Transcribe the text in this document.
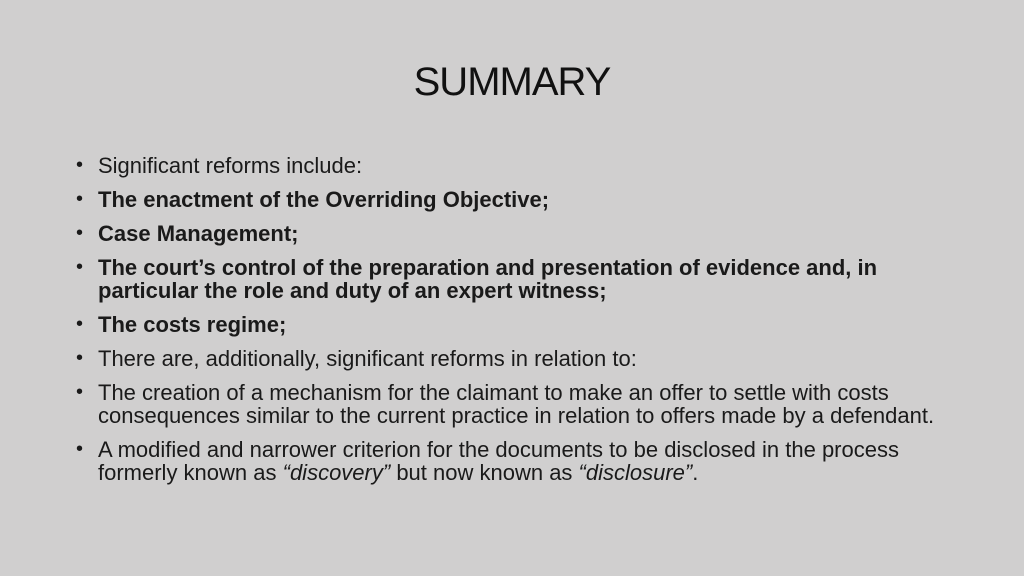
SUMMARY
• Significant reforms include:
• The enactment of the Overriding Objective;
• Case Management;
• The court’s control of the preparation and presentation of evidence and, in particular the role and duty of an expert witness;
• The costs regime;
• There are, additionally, significant reforms in relation to:
• The creation of a mechanism for the claimant to make an offer to settle with costs consequences similar to the current practice in relation to offers made by a defendant.
• A modified and narrower criterion for the documents to be disclosed in the process formerly known as “discovery” but now known as “disclosure”.
